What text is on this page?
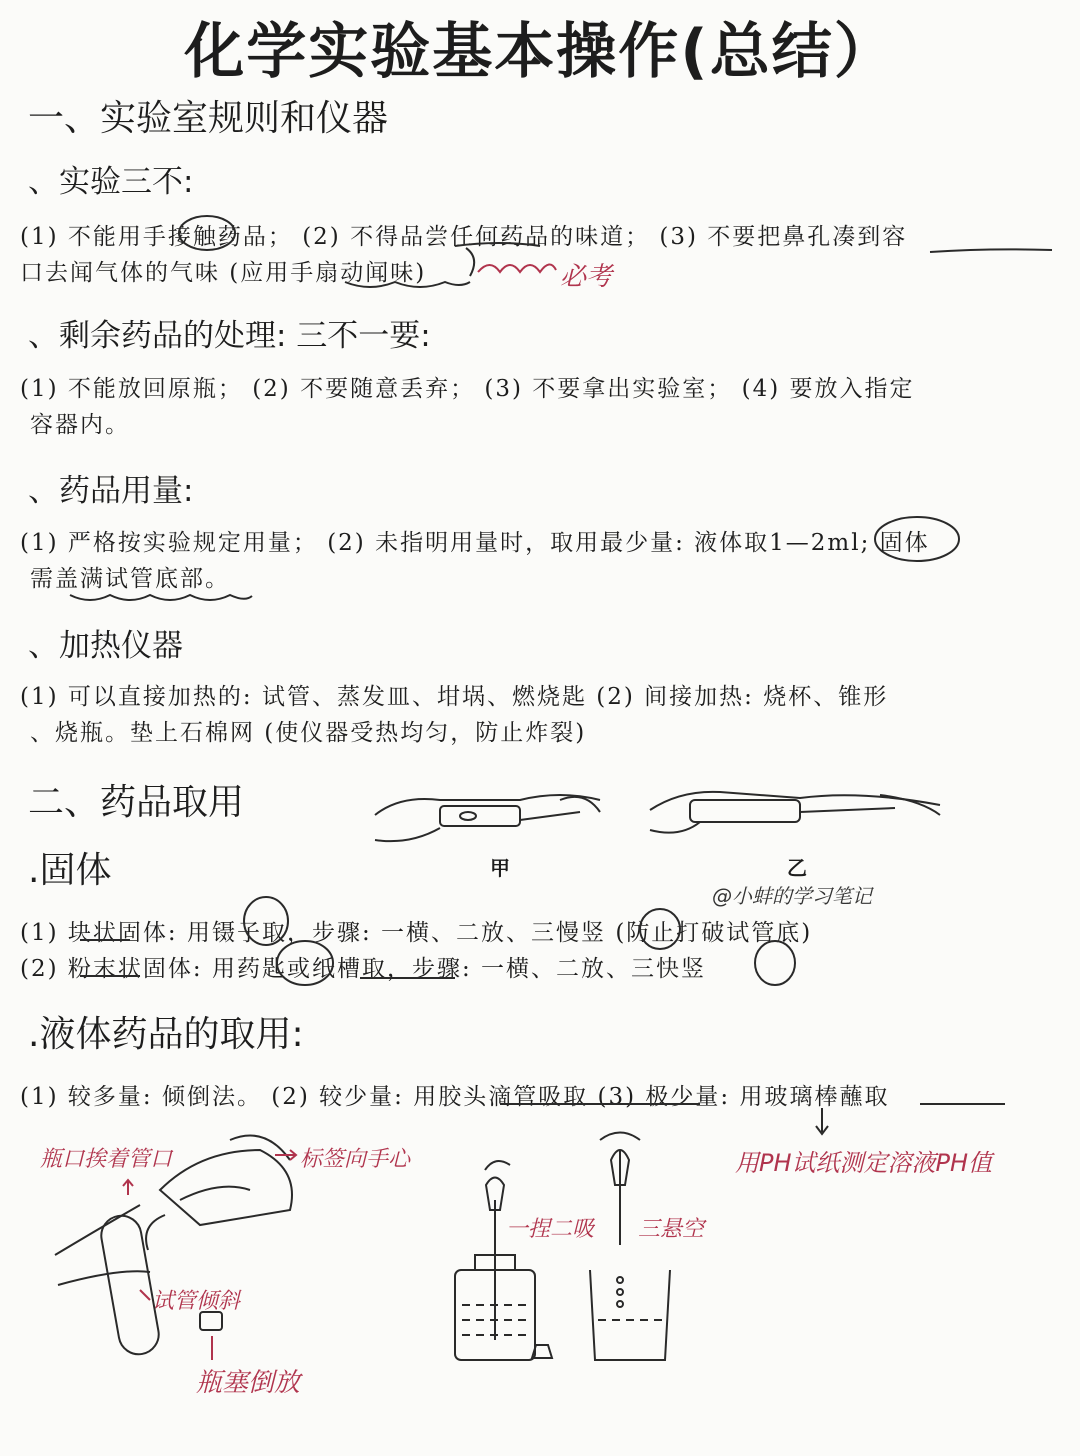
化学实验基本操作(总结）
一、实验室规则和仪器
、实验三不:
(1) 不能用手接触药品； (2) 不得品尝任何药品的味道； (3) 不要把鼻孔凑到容
口去闻气体的气味 (应用手扇动闻味)	必考
、剩余药品的处理: 三不一要:
(1) 不能放回原瓶； (2) 不要随意丢弃； (3) 不要拿出实验室； (4) 要放入指定
容器内。
、药品用量:
(1) 严格按实验规定用量； (2) 未指明用量时，取用最少量: 液体取1—2ml; 固体
需盖满试管底部。
、加热仪器
(1) 可以直接加热的: 试管、蒸发皿、坩埚、燃烧匙 (2) 间接加热: 烧杯、锥形
、烧瓶。垫上石棉网 (使仪器受热均匀，防止炸裂)
二、药品取用
.固体	甲	乙
@小蚌的学习笔记
(1) 块状固体: 用镊子取，步骤: 一横、二放、三慢竖 (防止打破试管底)
(2) 粉末状固体: 用药匙或纸槽取，步骤: 一横、二放、三快竖
.液体药品的取用:
(1) 较多量: 倾倒法。 (2) 较少量: 用胶头滴管吸取 (3) 极少量: 用玻璃棒蘸取
瓶口挨着管口	标签向手心
试管倾斜
瓶塞倒放
一捏二吸 三悬空
用PH试纸测定溶液PH值
